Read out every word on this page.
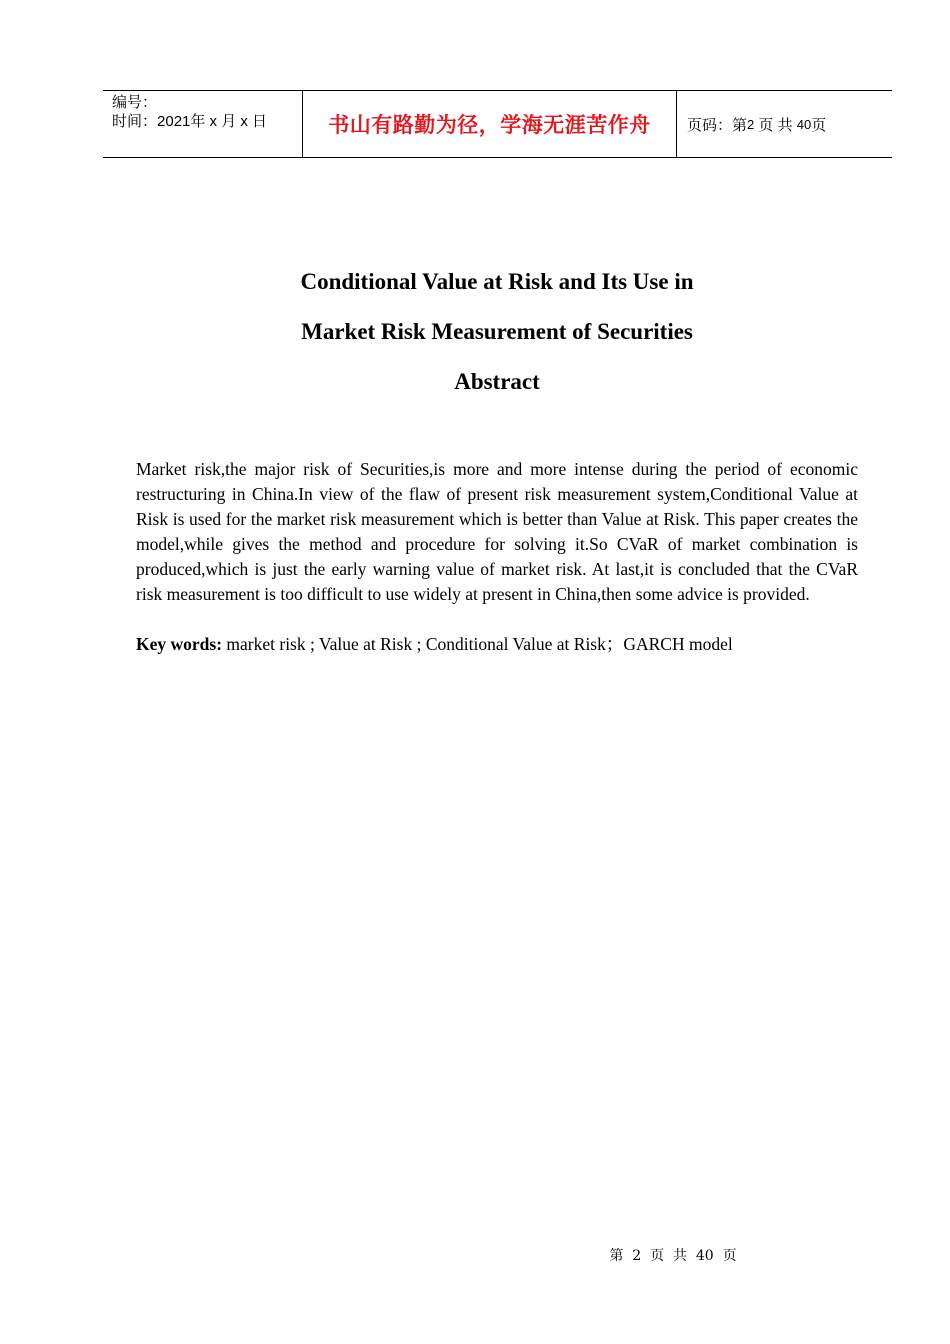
编号：
时间：2021年 x 月 x 日	书山有路勤为径，学海无涯苦作舟 页码：第 2
页 共
40 页
Conditional Value at Risk and Its Use in
Market Risk Measurement of Securities
Abstract

Market risk,the major risk of Securities,is more and more intense during the period of economic restructuring in China.In view of the flaw of present risk measurement system,Conditional Value at Risk is used for the market risk measurement which is better than Value at Risk. This paper creates the model,while gives the method and procedure for solving it.So CVaR of market combination is produced,which is just the early warning value of market risk. At last,it is concluded that the CVaR risk measurement is too difficult to use widely at present in China,then some advice is provided.

Key words: market risk ; Value at Risk ; Conditional Value at Risk；GARCH model
第  2  页  共  40  页
